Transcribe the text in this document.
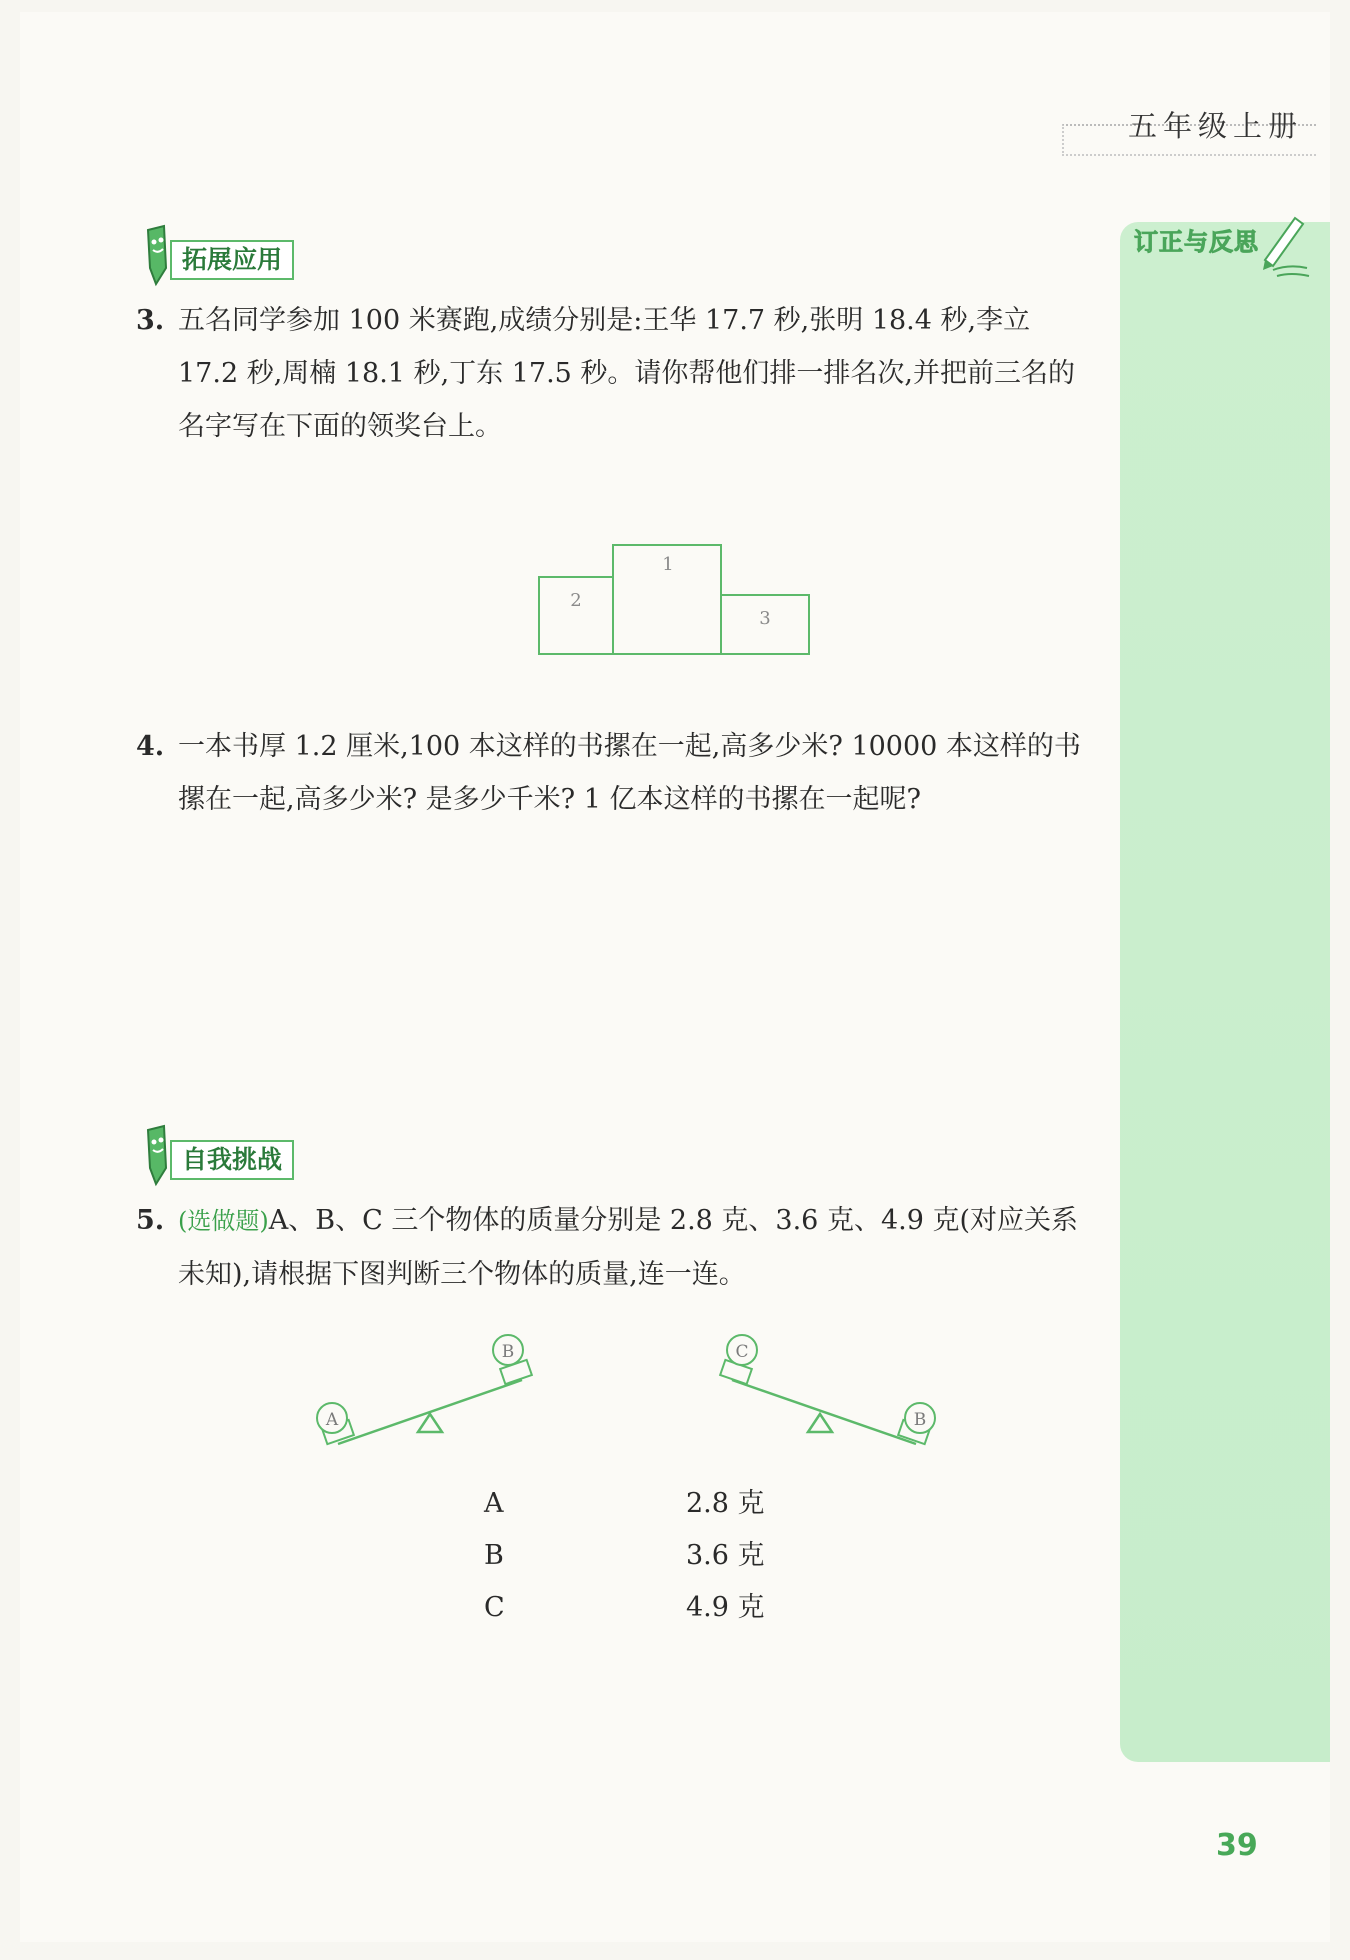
五年级上册
订正与反思
拓展应用
3. 五名同学参加 100 米赛跑,成绩分别是:王华 17.7 秒,张明 18.4 秒,李立 17.2 秒,周楠 18.1 秒,丁东 17.5 秒。请你帮他们排一排名次,并把前三名的名字写在下面的领奖台上。
2
1
3
4. 一本书厚 1.2 厘米,100 本这样的书摞在一起,高多少米? 10000 本这样的书摞在一起,高多少米? 是多少千米? 1 亿本这样的书摞在一起呢?
自我挑战
5. (选做题)A、B、C 三个物体的质量分别是 2.8 克、3.6 克、4.9 克(对应关系未知),请根据下图判断三个物体的质量,连一连。
A
B	C
B
A
B
C
2.8 克
3.6 克
4.9 克
39
